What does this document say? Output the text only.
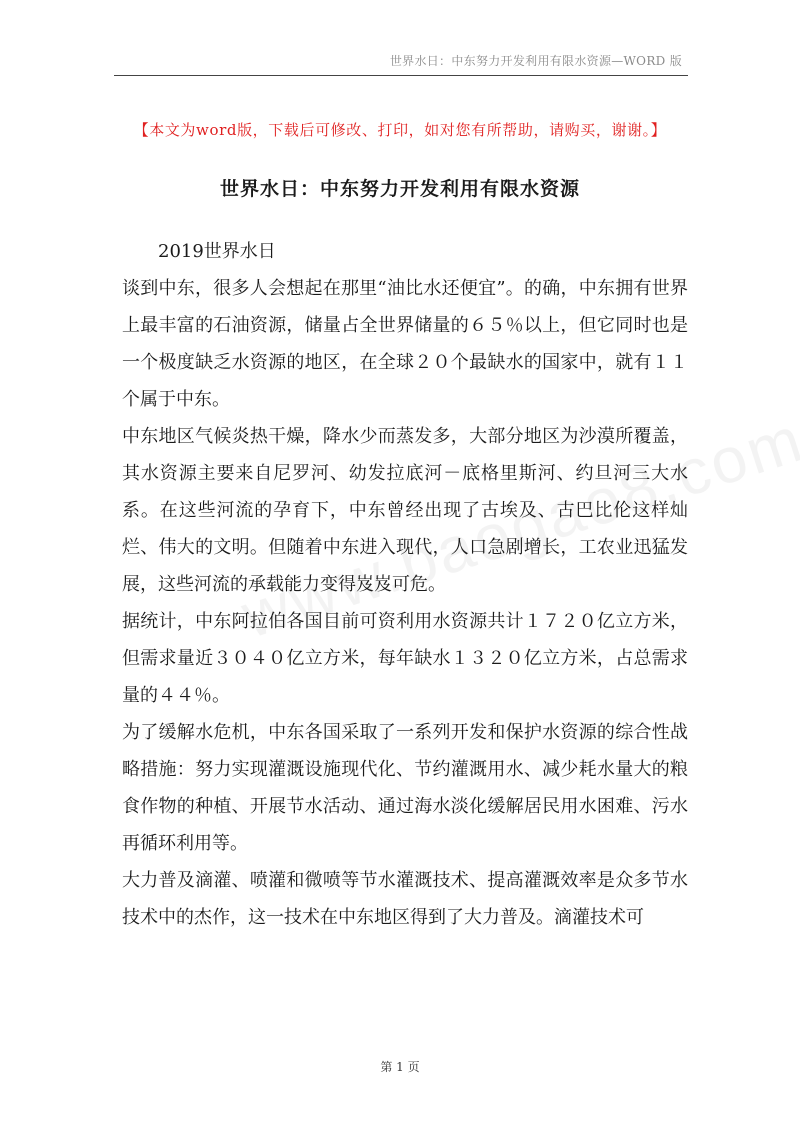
世界水日：中东努力开发利用有限水资源—WORD 版
【本文为word版，下载后可修改、打印，如对您有所帮助，请购买，谢谢。】
世界水日：中东努力开发利用有限水资源

2019世界水日

谈到中东，很多人会想起在那里“油比水还便宜”。的确，中东拥有世界上最丰富的石油资源，储量占全世界储量的６５％以上，但它同时也是一个极度缺乏水资源的地区，在全球２０个最缺水的国家中，就有１１个属于中东。

中东地区气候炎热干燥，降水少而蒸发多，大部分地区为沙漠所覆盖，其水资源主要来自尼罗河、幼发拉底河－底格里斯河、约旦河三大水系。在这些河流的孕育下，中东曾经出现了古埃及、古巴比伦这样灿烂、伟大的文明。但随着中东进入现代，人口急剧增长，工农业迅猛发展，这些河流的承载能力变得岌岌可危。

据统计，中东阿拉伯各国目前可资利用水资源共计１７２０亿立方米，但需求量近３０４０亿立方米，每年缺水１３２０亿立方米，占总需求量的４４％。

为了缓解水危机，中东各国采取了一系列开发和保护水资源的综合性战略措施：努力实现灌溉设施现代化、节约灌溉用水、减少耗水量大的粮食作物的种植、开展节水活动、通过海水淡化缓解居民用水困难、污水再循环利用等。

大力普及滴灌、喷灌和微喷等节水灌溉技术、提高灌溉效率是众多节水技术中的杰作，这一技术在中东地区得到了大力普及。滴灌技术可

第 1 页
